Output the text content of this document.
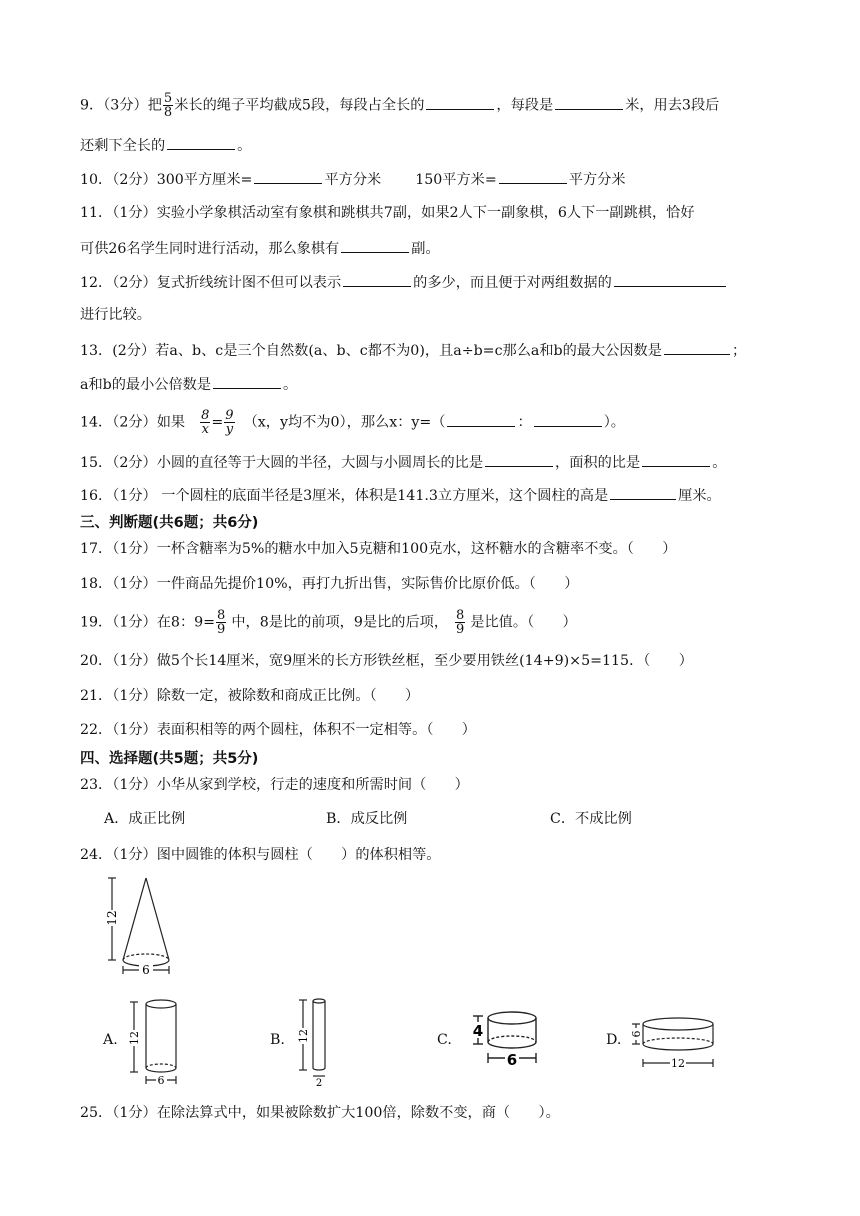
9．（3分）把 $\frac{5}{8}$ 米长的绳子平均截成5段，每段占全长的	，每段是	米，用去3段后
还剩下全长的	。
10．（2分）300平方厘米=	平方分米 150平方米=	平方分米
11．（1分）实验小学象棋活动室有象棋和跳棋共7副，如果2人下一副象棋，6人下一副跳棋，恰好
可供26名学生同时进行活动，那么象棋有	副。
12．（2分）复式折线统计图不但可以表示	的多少，而且便于对两组数据的
进行比较。
13．(2分）若a、b、c是三个自然数(a、b、c都不为0)，且a÷b=c那么a和b的最大公因数是	；
a和b的最小公倍数是	。
14．（2分）如果 $\frac{8}{x} = \frac{9}{y} (x$，y均不为0），那么x：y=（	：	）。
15．（2分）小圆的直径等于大圆的半径，大圆与小圆周长的比是	，面积的比是	。
16．（1分） 一个圆柱的底面半径是3厘米，体积是141.3立方厘米，这个圆柱的高是	厘米。
三、判断题(共6题；共6分)
17．（1分）一杯含糖率为5%的糖水中加入5克糖和100克水，这杯糖水的含糖率不变。（　　）
18．（1分）一件商品先提价10%，再打九折出售，实际售价比原价低。（　　）
19．（1分）在8：$9= \frac{8}{9}$ 中，8是比的前项，9是比的后项， $\frac{8}{9}$ 是比值。（　　）
20．（1分）做5个长14厘米，宽9厘米的长方形铁丝框，至少要用铁丝(14+9)×5=115．（　　）
21．（1分）除数一定，被除数和商成正比例。（　　）
22．（1分）表面积相等的两个圆柱，体积不一定相等。（　　）
四、选择题(共5题；共5分)
23．（1分）小华从家到学校，行走的速度和所需时间（　　）
A．成正比例	B．成反比例	C．不成比例
24．（1分）图中圆锥的体积与圆柱（　　）的体积相等。
12
6
A. 12
6
B. 12
2
C. 4
6
D. 6
12
25．（1分）在除法算式中，如果被除数扩大100倍，除数不变，商（　　）。
